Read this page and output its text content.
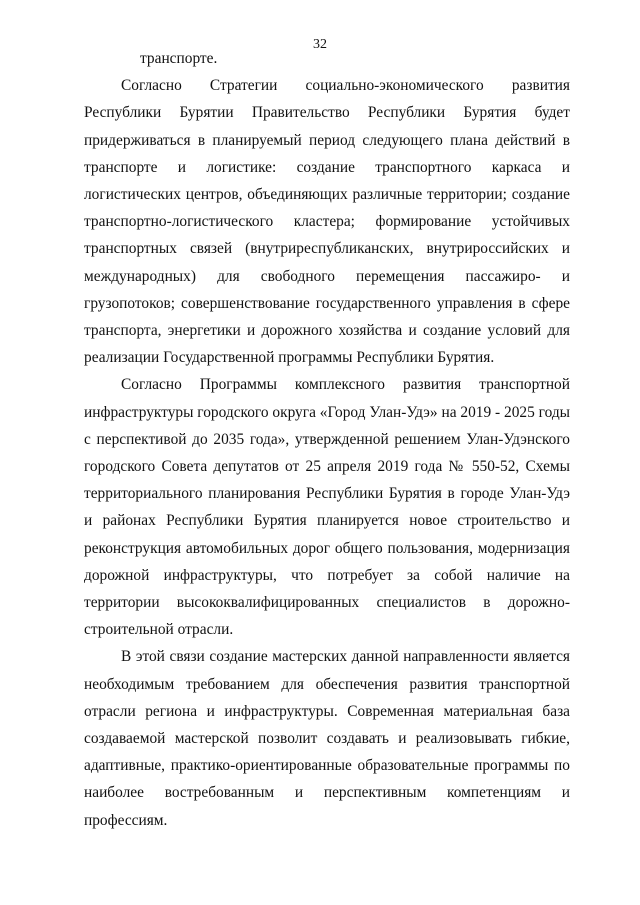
32

транспорте.

Согласно Стратегии социально-экономического развития Республики Бурятии Правительство Республики Бурятия будет придерживаться в планируемый период следующего плана действий в транспорте и логистике: создание транспортного каркаса и логистических центров, объединяющих различные территории; создание транспортно-логистического кластера; формирование устойчивых транспортных связей (внутриреспубликанских, внутрироссийских и международных) для свободного перемещения пассажиро- и грузопотоков; совершенствование государственного управления в сфере транспорта, энергетики и дорожного хозяйства и создание условий для реализации Государственной программы Республики Бурятия.

Согласно Программы комплексного развития транспортной инфраструктуры городского округа «Город Улан-Удэ» на 2019 - 2025 годы с перспективой до 2035 года», утвержденной решением Улан-Удэнского городского Совета депутатов от 25 апреля 2019 года № 550-52, Схемы территориального планирования Республики Бурятия в городе Улан-Удэ и районах Республики Бурятия планируется новое строительство и реконструкция автомобильных дорог общего пользования, модернизация дорожной инфраструктуры, что потребует за собой наличие на территории высококвалифицированных специалистов в дорожно-строительной отрасли.

В этой связи создание мастерских данной направленности является необходимым требованием для обеспечения развития транспортной отрасли региона и инфраструктуры. Современная материальная база создаваемой мастерской позволит создавать и реализовывать гибкие, адаптивные, практико-ориентированные образовательные программы по наиболее востребованным и перспективным компетенциям и профессиям.
